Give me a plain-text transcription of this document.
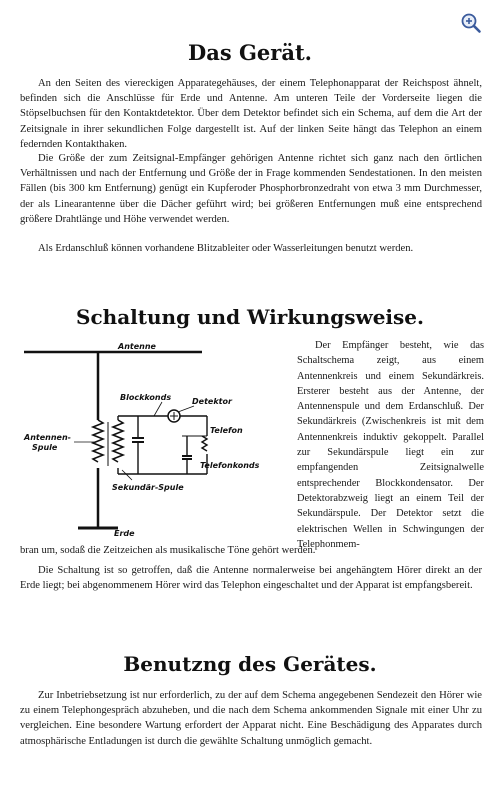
Das Gerät.

An den Seiten des viereckigen Apparategehäuses, der einem Telephonapparat der Reichspost ähnelt, befinden sich die Anschlüsse für Erde und Antenne. Am unteren Teile der Vorderseite liegen die Stöpselbuchsen für den Kontaktdetektor. Über dem Detektor befindet sich ein Schema, auf dem die Art der Zeitsignale in ihrer sekundlichen Folge dargestellt ist. Auf der linken Seite hängt das Telephon an einem federnden Kontakthaken.

Die Größe der zum Zeitsignal-Empfänger gehörigen Antenne richtet sich ganz nach den örtlichen Verhältnissen und nach der Entfernung und Größe der in Frage kommenden Sendestationen. In den meisten Fällen (bis 300 km Entfernung) genügt ein Kupferoder Phosphorbronzedraht von etwa 3 mm Durchmesser, der als Linearantenne über die Dächer geführt wird; bei größeren Entfernungen muß eine entsprechend größere Drahtlänge und Höhe verwendet werden.

Als Erdanschluß können vorhandene Blitzableiter oder Wasserleitungen benutzt werden.

Schaltung und Wirkungsweise.
Antenne
Blockkonds	Detektor
Telefon
Telefonkonds
Antennen-
Spule
Sekundär-Spule
Erde

Der Empfänger besteht, wie das Schaltschema zeigt, aus einem Antennenkreis und einem Sekundärkreis. Ersterer besteht aus der Antenne, der Antennenspule und dem Erdanschluß. Der Sekundärkreis (Zwischenkreis ist mit dem Antennenkreis induktiv gekoppelt. Parallel zur Sekundärspule liegt ein zur empfangenden Zeitsignalwelle entsprechender Blockkondensator. Der Detektorabzweig liegt an einem Teil der Sekundärspule. Der Detektor setzt die elektrischen Wellen in Schwingungen der Telephonmem-

bran um, sodaß die Zeitzeichen als musikalische Töne gehört werden.

Die Schaltung ist so getroffen, daß die Antenne normalerweise bei angehängtem Hörer direkt an der Erde liegt; bei abgenommenem Hörer wird das Telephon eingeschaltet und der Apparat ist empfangsbereit.

Benutzng des Gerätes.

Zur Inbetriebsetzung ist nur erforderlich, zu der auf dem Schema angegebenen Sendezeit den Hörer wie zu einem Telephongespräch abzuheben, und die nach dem Schema ankommenden Signale mit einer Uhr zu vergleichen. Eine besondere Wartung erfordert der Apparat nicht. Eine Beschädigung des Apparates durch atmosphärische Entladungen ist durch die gewählte Schaltung unmöglich gemacht.
